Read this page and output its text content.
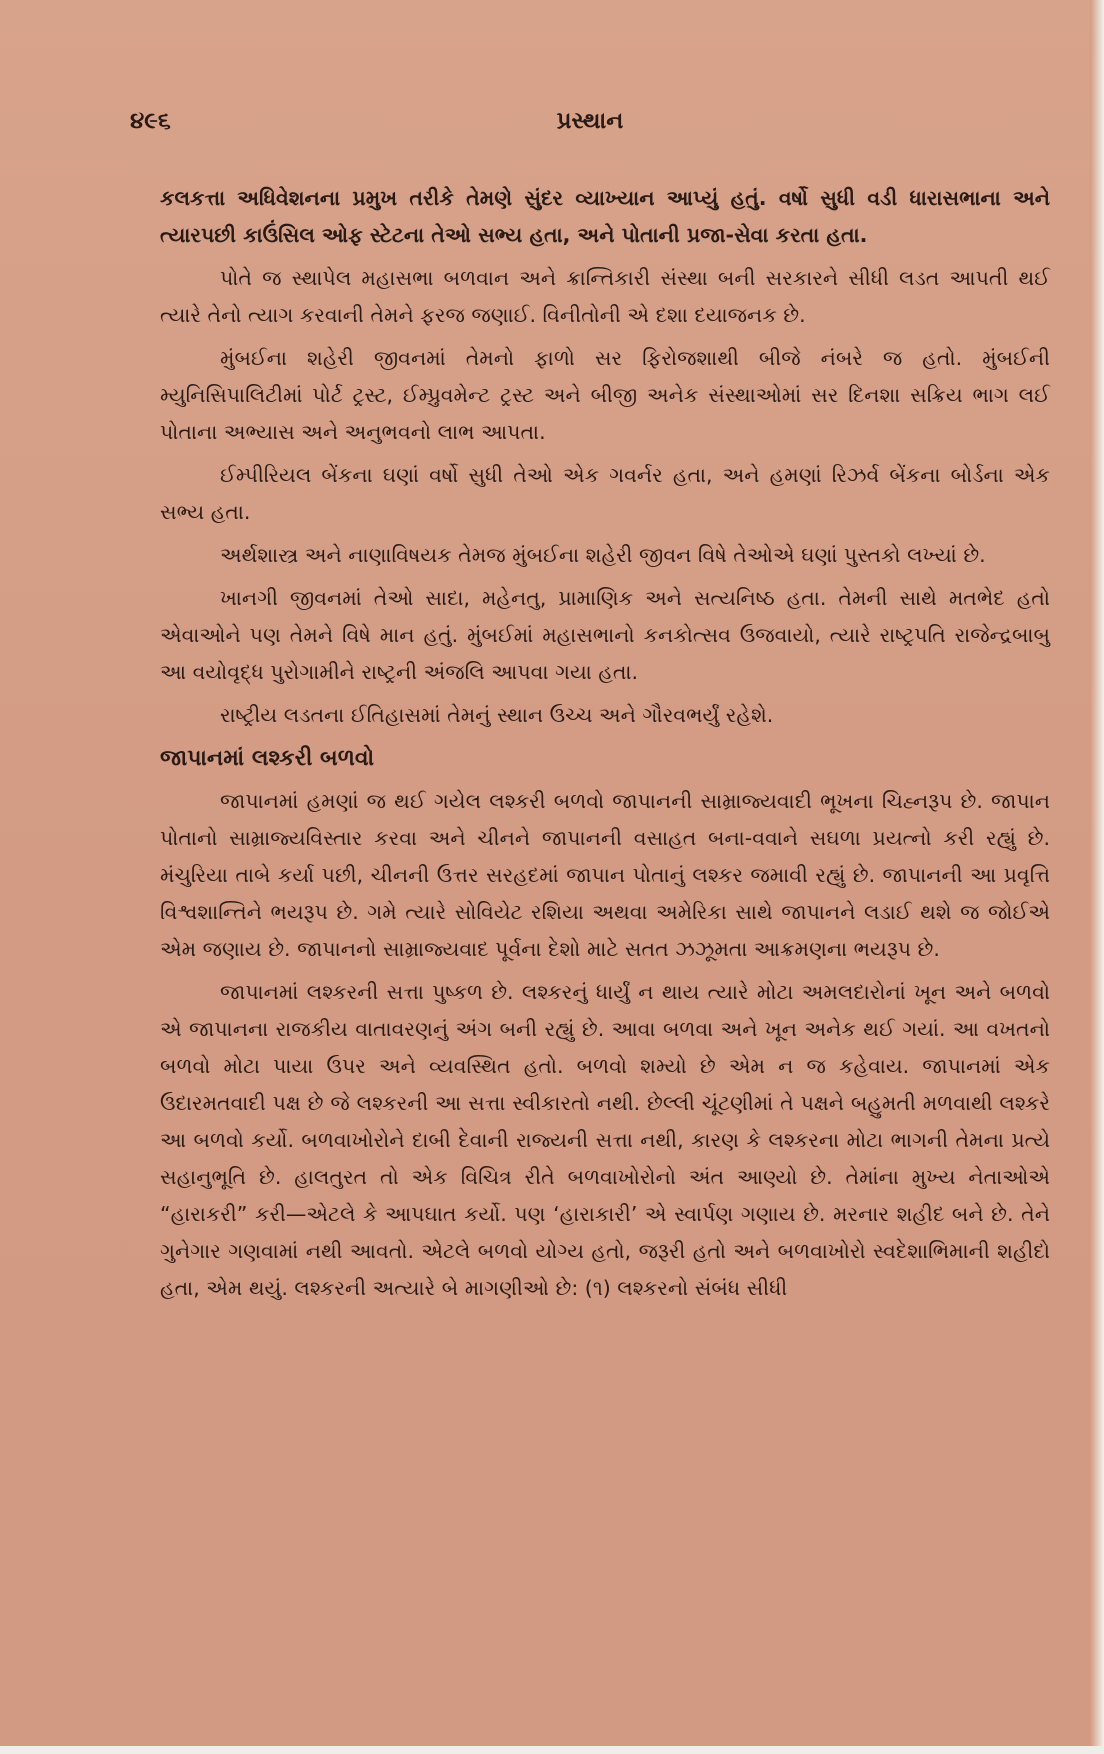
૪૯૬	પ્રસ્થાન

કલકત્તા અધિવેશનના પ્રમુખ તરીકે તેમણે સુંદર વ્યાખ્યાન આપ્યું હતું. વર્ષો સુધી વડી ધારાસભાના અને ત્યારપછી કાઉંસિલ ઓફ સ્ટેટના તેઓ સભ્ય હતા, અને પોતાની પ્રજા-સેવા કરતા હતા.

પોતે જ સ્થાપેલ મહાસભા બળવાન અને ક્રાન્તિકારી સંસ્થા બની સરકારને સીધી લડત આપતી થઈ ત્યારે તેનો ત્યાગ કરવાની તેમને ફરજ જણાઈ. વિનીતોની એ દશા દયાજનક છે.

મુંબઈના શહેરી જીવનમાં તેમનો ફાળો સર ફિરોજશાથી બીજે નંબરે જ હતો. મુંબઈની મ્યુનિસિપાલિટીમાં પોર્ટ ટ્રસ્ટ, ઈમ્પ્રુવમેન્ટ ટ્રસ્ટ અને બીજી અનેક સંસ્થાઓમાં સર દિનશા સક્રિય ભાગ લઈ પોતાના અભ્યાસ અને અનુભવનો લાભ આપતા.

ઈમ્પીરિયલ બેંકના ઘણાં વર્ષો સુધી તેઓ એક ગવર્નર હતા, અને હમણાં રિઝર્વ બેંકના બોર્ડના એક સભ્ય હતા.

અર્થશાસ્ત્ર અને નાણાવિષયક તેમજ મુંબઈના શહેરી જીવન વિષે તેઓએ ઘણાં પુસ્તકો લખ્યાં છે.

ખાનગી જીવનમાં તેઓ સાદા, મહેનતુ, પ્રામાણિક અને સત્યનિષ્ઠ હતા. તેમની સાથે મતભેદ હતો એવાઓને પણ તેમને વિષે માન હતું. મુંબઈમાં મહાસભાનો કનકોત્સવ ઉજવાયો, ત્યારે રાષ્ટ્રપતિ રાજેન્દ્રબાબુ આ વયોવૃદ્ધ પુરોગામીને રાષ્ટ્રની અંજલિ આપવા ગયા હતા.

રાષ્ટ્રીય લડતના ઈતિહાસમાં તેમનું સ્થાન ઉચ્ચ અને ગૌરવભર્યું રહેશે.

જાપાનમાં લશ્કરી બળવો

જાપાનમાં હમણાં જ થઈ ગયેલ લશ્કરી બળવો જાપાનની સામ્રાજ્યવાદી ભૂખના ચિહ્નરૂપ છે. જાપાન પોતાનો સામ્રાજ્યવિસ્તાર કરવા અને ચીનને જાપાનની વસાહત બના-વવાને સઘળા પ્રયત્નો કરી રહ્યું છે. મંચુરિયા તાબે કર્યા પછી, ચીનની ઉત્તર સરહદમાં જાપાન પોતાનું લશ્કર જમાવી રહ્યું છે. જાપાનની આ પ્રવૃત્તિ વિશ્વશાન્તિને ભયરૂપ છે. ગમે ત્યારે સોવિયેટ રશિયા અથવા અમેરિકા સાથે જાપાનને લડાઈ થશે જ જોઈએ એમ જણાય છે. જાપાનનો સામ્રાજ્યવાદ પૂર્વના દેશો માટે સતત ઝઝૂમતા આક્રમણના ભયરૂપ છે.

જાપાનમાં લશ્કરની સત્તા પુષ્કળ છે. લશ્કરનું ધાર્યું ન થાય ત્યારે મોટા અમલદારોનાં ખૂન અને બળવો એ જાપાનના રાજકીય વાતાવરણનું અંગ બની રહ્યું છે. આવા બળવા અને ખૂન અનેક થઈ ગયાં. આ વખતનો બળવો મોટા પાયા ઉપર અને વ્યવસ્થિત હતો. બળવો શમ્યો છે એમ ન જ કહેવાય. જાપાનમાં એક ઉદારમતવાદી પક્ષ છે જે લશ્કરની આ સત્તા સ્વીકારતો નથી. છેલ્લી ચૂંટણીમાં તે પક્ષને બહુમતી મળવાથી લશ્કરે આ બળવો કર્યો. બળવાખોરોને દાબી દેવાની રાજ્યની સત્તા નથી, કારણ કે લશ્કરના મોટા ભાગની તેમના પ્રત્યે સહાનુભૂતિ છે. હાલતુરત તો એક વિચિત્ર રીતે બળવાખોરોનો અંત આણ્યો છે. તેમાંના મુખ્ય નેતાઓએ “હારાકરી” કરી—એટલે કે આપઘાત કર્યો. પણ ‘હારાકારી’ એ સ્વાર્પણ ગણાય છે. મરનાર શહીદ બને છે. તેને ગુનેગાર ગણવામાં નથી આવતો. એટલે બળવો યોગ્ય હતો, જરૂરી હતો અને બળવાખોરો સ્વદેશાભિમાની શહીદો હતા, એમ થયું. લશ્કરની અત્યારે બે માગણીઓ છે: (૧) લશ્કરનો સંબંધ સીધી
